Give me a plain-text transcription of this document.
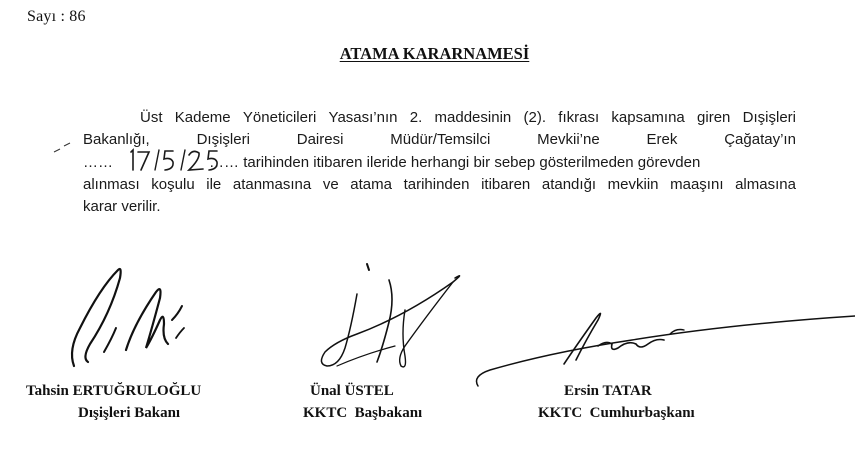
Sayı : 86
ATAMA KARARNAMESİ
Üst Kademe Yöneticileri Yasası’nın 2. maddesinin (2). fıkrası kapsamına giren Dışişleri
Bakanlığı,	Dışişleri	Dairesi	Müdür/Temsilci	Mevkii’ne	Erek	Çağatay’ın
……	…… tarihinden itibaren ileride herhangi bir sebep gösterilmeden görevden
alınması koşulu ile atanmasına ve atama tarihinden itibaren atandığı mevkiin maaşını almasına
karar verilir.
Tahsin ERTUĞRULOĞLU
Dışişleri Bakanı
Ünal ÜSTEL
KKTC  Başbakanı
Ersin TATAR
KKTC  Cumhurbaşkanı
